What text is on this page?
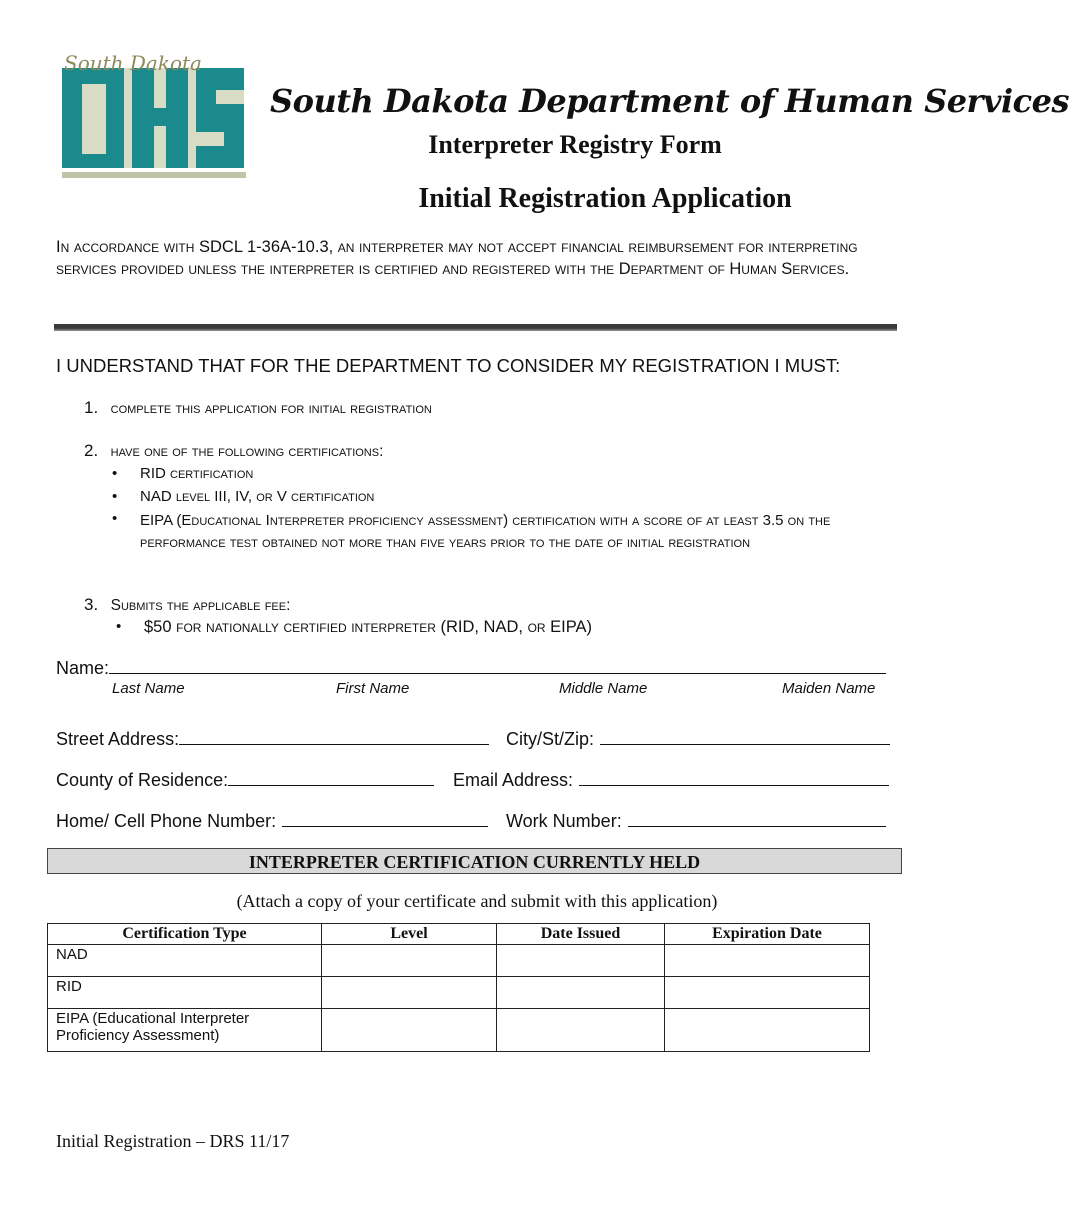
South Dakota
South Dakota Department of Human Services
Interpreter Registry Form
Initial Registration Application
In accordance with SDCL 1-36A-10.3, an interpreter may not accept financial reimbursement for interpreting services provided unless the interpreter is certified and registered with the Department of Human Services.
I UNDERSTAND THAT FOR THE DEPARTMENT TO CONSIDER MY REGISTRATION I MUST:
1. complete this application for initial registration
2. have one of the following certifications:
• RID certification
• NAD level III, IV, or V certification
• EIPA (Educational Interpreter proficiency assessment) certification with a score of at least 3.5 on the performance test obtained not more than five years prior to the date of initial registration
3. Submits the applicable fee:
• $50 for nationally certified interpreter (RID, NAD, or EIPA)
Name:
Last Name	First Name	Middle Name	Maiden Name
Street Address:	City/St/Zip:
County of Residence:	Email Address:
Home/ Cell Phone Number:	Work Number:
INTERPRETER CERTIFICATION CURRENTLY HELD
(Attach a copy of your certificate and submit with this application)
Certification Type	Level	Date Issued	Expiration Date
NAD			
RID			
EIPA (Educational Interpreter Proficiency Assessment)			
Initial Registration – DRS 11/17
